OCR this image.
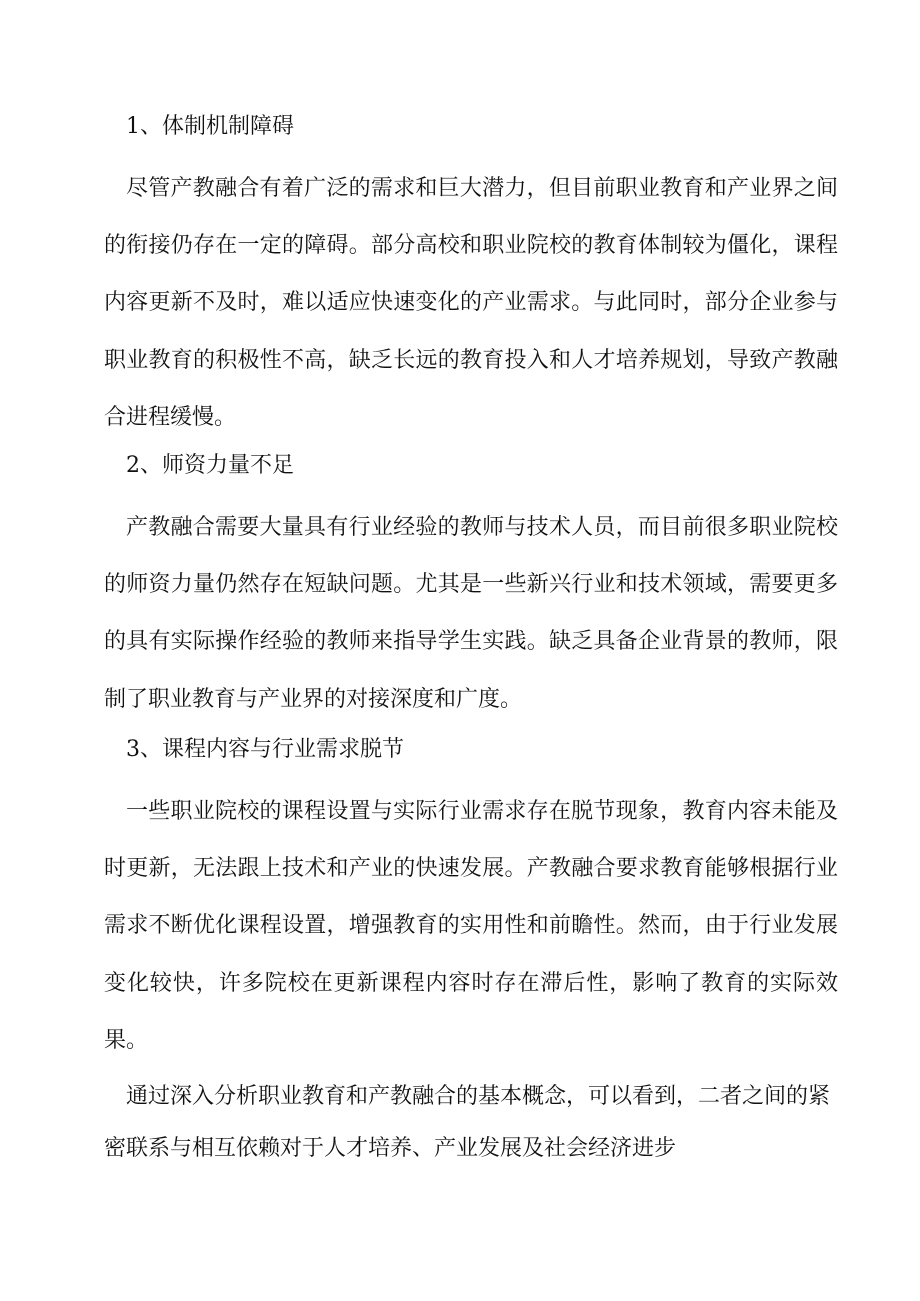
1、体制机制障碍

尽管产教融合有着广泛的需求和巨大潜力，但目前职业教育和产业界之间的衔接仍存在一定的障碍。部分高校和职业院校的教育体制较为僵化，课程内容更新不及时，难以适应快速变化的产业需求。与此同时，部分企业参与职业教育的积极性不高，缺乏长远的教育投入和人才培养规划，导致产教融合进程缓慢。

2、师资力量不足

产教融合需要大量具有行业经验的教师与技术人员，而目前很多职业院校的师资力量仍然存在短缺问题。尤其是一些新兴行业和技术领域，需要更多的具有实际操作经验的教师来指导学生实践。缺乏具备企业背景的教师，限制了职业教育与产业界的对接深度和广度。

3、课程内容与行业需求脱节

一些职业院校的课程设置与实际行业需求存在脱节现象，教育内容未能及时更新，无法跟上技术和产业的快速发展。产教融合要求教育能够根据行业需求不断优化课程设置，增强教育的实用性和前瞻性。然而，由于行业发展变化较快，许多院校在更新课程内容时存在滞后性，影响了教育的实际效果。

通过深入分析职业教育和产教融合的基本概念，可以看到，二者之间的紧密联系与相互依赖对于人才培养、产业发展及社会经济进步
